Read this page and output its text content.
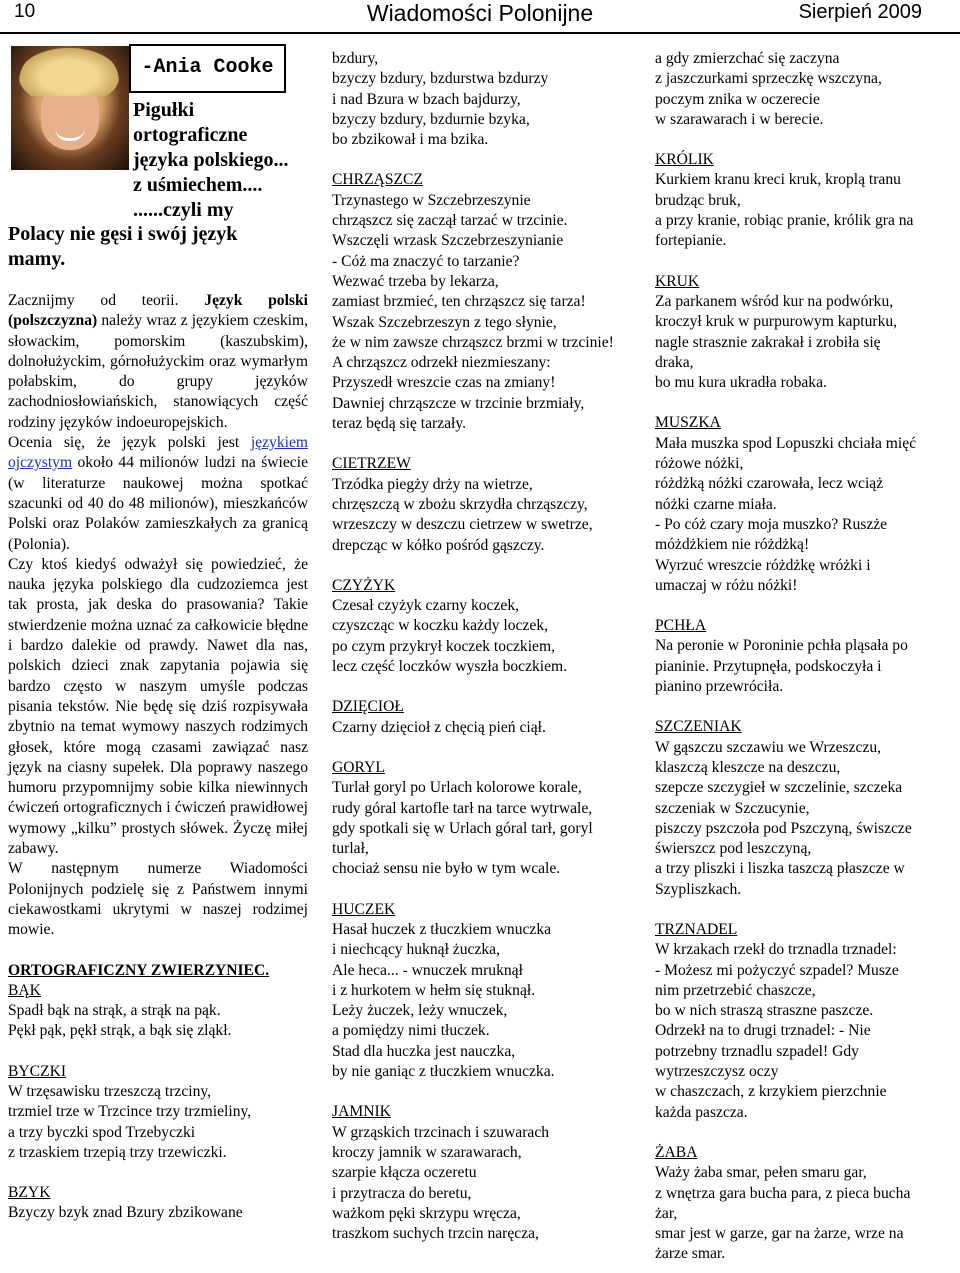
10	Wiadomości Polonijne	Sierpień 2009
-Ania Cooke
Pigułki
ortograficzne
języka polskiego...
z uśmiechem....
......czyli my
Polacy nie gęsi i swój język
mamy.

Zacznijmy od teorii. Język polski (polszczyzna) należy wraz z językiem czeskim, słowackim, pomorskim (kaszubskim), dolnołużyckim, górnołużyckim oraz wymarłym połabskim, do grupy języków zachodniosłowiańskich, stanowiących część rodziny języków indoeuropejskich.

Ocenia się, że język polski jest językiem ojczystym około 44 milionów ludzi na świecie (w literaturze naukowej można spotkać szacunki od 40 do 48 milionów), mieszkańców Polski oraz Polaków zamieszkałych za granicą (Polonia).

Czy ktoś kiedyś odważył się powiedzieć, że nauka języka polskiego dla cudzoziemca jest tak prosta, jak deska do prasowania? Takie stwierdzenie można uznać za całkowicie błędne i bardzo dalekie od prawdy. Nawet dla nas, polskich dzieci znak zapytania pojawia się bardzo często w naszym umyśle podczas pisania tekstów. Nie będę się dziś rozpisywała zbytnio na temat wymowy naszych rodzimych głosek, które mogą czasami zawiązać nasz język na ciasny supełek. Dla poprawy naszego humoru przypomnijmy sobie kilka niewinnych ćwiczeń ortograficznych i ćwiczeń prawidłowej wymowy „kilku” prostych słówek. Życzę miłej zabawy.

W następnym numerze Wiadomości Polonijnych podzielę się z Państwem innymi ciekawostkami ukrytymi w naszej rodzimej mowie.

ORTOGRAFICZNY ZWIERZYNIEC.
BĄK
Spadł bąk na strąk, a strąk na pąk.
Pękł pąk, pękł strąk, a bąk się zląkł.
BYCZKI
W trzęsawisku trzeszczą trzciny,
trzmiel trze w Trzcince trzy trzmieliny,
a trzy byczki spod Trzebyczki
z trzaskiem trzepią trzy trzewiczki.
BZYK
Bzyczy bzyk znad Bzury zbzikowane
bzdury,
bzyczy bzdury, bzdurstwa bzdurzy
i nad Bzura w bzach bajdurzy,
bzyczy bzdury, bzdurnie bzyka,
bo zbzikował i ma bzika.
CHRZĄSZCZ
Trzynastego w Szczebrzeszynie
chrząszcz się zaczął tarzać w trzcinie.
Wszczęli wrzask Szczebrzeszynianie
- Cóż ma znaczyć to tarzanie?
Wezwać trzeba by lekarza,
zamiast brzmieć, ten chrząszcz się tarza!
Wszak Szczebrzeszyn z tego słynie,
że w nim zawsze chrząszcz brzmi w trzcinie!
A chrząszcz odrzekł niezmieszany:
Przyszedł wreszcie czas na zmiany!
Dawniej chrząszcze w trzcinie brzmiały,
teraz będą się tarzały.
CIETRZEW
Trzódka piegży drży na wietrze,
chrzęszczą w zbożu skrzydła chrząszczy,
wrzeszczy w deszczu cietrzew w swetrze,
drepcząc w kółko pośród gąszczy.
CZYŻYK
Czesał czyżyk czarny koczek,
czyszcząc w koczku każdy loczek,
po czym przykrył koczek toczkiem,
lecz część loczków wyszła boczkiem.
DZIĘCIOŁ
Czarny dzięcioł z chęcią pień ciął.
GORYL
Turlał goryl po Urlach kolorowe korale,
rudy góral kartofle tarł na tarce wytrwale,
gdy spotkali się w Urlach góral tarł, goryl
turlał,
chociaż sensu nie było w tym wcale.
HUCZEK
Hasał huczek z tłuczkiem wnuczka
i niechcący huknął żuczka,
Ale heca... - wnuczek mruknął
i z hurkotem w hełm się stuknął.
Leży żuczek, leży wnuczek,
a pomiędzy nimi tłuczek.
Stad dla huczka jest nauczka,
by nie ganiąc z tłuczkiem wnuczka.
JAMNIK
W grząskich trzcinach i szuwarach
kroczy jamnik w szarawarach,
szarpie kłącza oczeretu
i przytracza do beretu,
ważkom pęki skrzypu wręcza,
traszkom suchych trzcin naręcza,
a gdy zmierzchać się zaczyna
z jaszczurkami sprzeczkę wszczyna,
poczym znika w oczerecie
w szarawarach i w berecie.
KRÓLIK
Kurkiem kranu kreci kruk, kroplą tranu
brudząc bruk,
a przy kranie, robiąc pranie, królik gra na
fortepianie.
KRUK
Za parkanem wśród kur na podwórku,
kroczył kruk w purpurowym kapturku,
nagle strasznie zakrakał i zrobiła się
draka,
bo mu kura ukradła robaka.
MUSZKA
Mała muszka spod Lopuszki chciała mięć
różowe nóżki,
różdżką nóżki czarowała, lecz wciąż
nóżki czarne miała.
- Po cóż czary moja muszko? Ruszże
móżdżkiem nie różdżką!
Wyrzuć wreszcie różdżkę wróżki i
umaczaj w różu nóżki!
PCHŁA
Na peronie w Poroninie pchła pląsała po
pianinie. Przytupnęła, podskoczyła i
pianino przewróciła.
SZCZENIAK
W gąszczu szczawiu we Wrzeszczu,
klaszczą kleszcze na deszczu,
szepcze szczygieł w szczelinie, szczeka
szczeniak w Szczucynie,
piszczy pszczoła pod Pszczyną, świszcze
świerszcz pod leszczyną,
a trzy pliszki i liszka taszczą płaszcze w
Szypliszkach.
TRZNADEL
W krzakach rzekł do trznadla trznadel:
- Możesz mi pożyczyć szpadel? Musze
nim przetrzebić chaszcze,
bo w nich straszą straszne paszcze.
Odrzekł na to drugi trznadel: - Nie
potrzebny trznadlu szpadel! Gdy
wytrzeszczysz oczy
w chaszczach, z krzykiem pierzchnie
każda paszcza.
ŻABA
Waży żaba smar, pełen smaru gar,
z wnętrza gara bucha para, z pieca bucha
żar,
smar jest w garze, gar na żarze, wrze na
żarze smar.
